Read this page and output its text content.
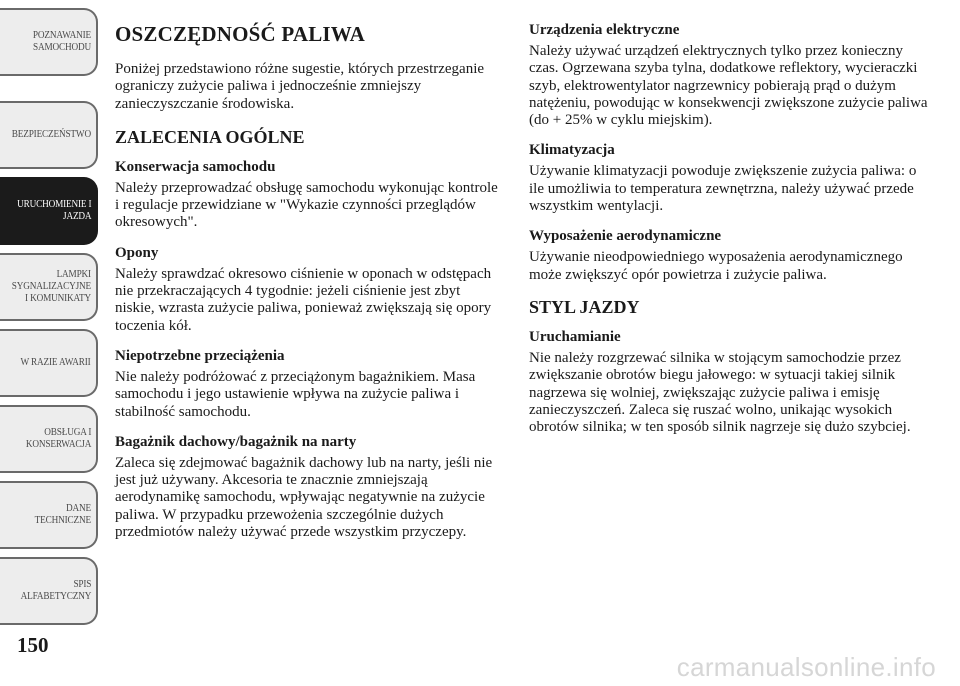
POZNAWANIE
SAMOCHODU
BEZPIECZEŃSTWO
URUCHOMIENIE I
JAZDA
LAMPKI
SYGNALIZACYJNE
I KOMUNIKATY
W RAZIE AWARII
OBSŁUGA I
KONSERWACJA
DANE
TECHNICZNE
SPIS
ALFABETYCZNY
150
OSZCZĘDNOŚĆ PALIWA

Poniżej przedstawiono różne sugestie, których przestrzeganie ograniczy zużycie paliwa i jednocześnie zmniejszy zanieczyszczanie środowiska.

ZALECENIA OGÓLNE
Konserwacja samochodu

Należy przeprowadzać obsługę samochodu wykonując kontrole i regulacje przewidziane w "Wykazie czynności przeglądów okresowych".

Opony

Należy sprawdzać okresowo ciśnienie w oponach w odstępach nie przekraczających 4 tygodnie: jeżeli ciśnienie jest zbyt niskie, wzrasta zużycie paliwa, ponieważ zwiększają się opory toczenia kół.

Niepotrzebne przeciążenia

Nie należy podróżować z przeciążonym bagażnikiem. Masa samochodu i jego ustawienie wpływa na zużycie paliwa i stabilność samochodu.

Bagażnik dachowy/bagażnik na narty

Zaleca się zdejmować bagażnik dachowy lub na narty, jeśli nie jest już używany. Akcesoria te znacznie zmniejszają aerodynamikę samochodu, wpływając negatywnie na zużycie paliwa. W przypadku przewożenia szczególnie dużych przedmiotów należy używać przede wszystkim przyczepy.

Urządzenia elektryczne

Należy używać urządzeń elektrycznych tylko przez konieczny czas. Ogrzewana szyba tylna, dodatkowe reflektory, wycieraczki szyb, elektrowentylator nagrzewnicy pobierają prąd o dużym natężeniu, powodując w konsekwencji zwiększone zużycie paliwa (do + 25% w cyklu miejskim).

Klimatyzacja

Używanie klimatyzacji powoduje zwiększenie zużycia paliwa: o ile umożliwia to temperatura zewnętrzna, należy używać przede wszystkim wentylacji.

Wyposażenie aerodynamiczne

Używanie nieodpowiedniego wyposażenia aerodynamicznego może zwiększyć opór powietrza i zużycie paliwa.

STYL JAZDY
Uruchamianie

Nie należy rozgrzewać silnika w stojącym samochodzie przez zwiększanie obrotów biegu jałowego: w sytuacji takiej silnik nagrzewa się wolniej, zwiększając zużycie paliwa i emisję zanieczyszczeń. Zaleca się ruszać wolno, unikając wysokich obrotów silnika; w ten sposób silnik nagrzeje się dużo szybciej.

carmanualsonline.info
